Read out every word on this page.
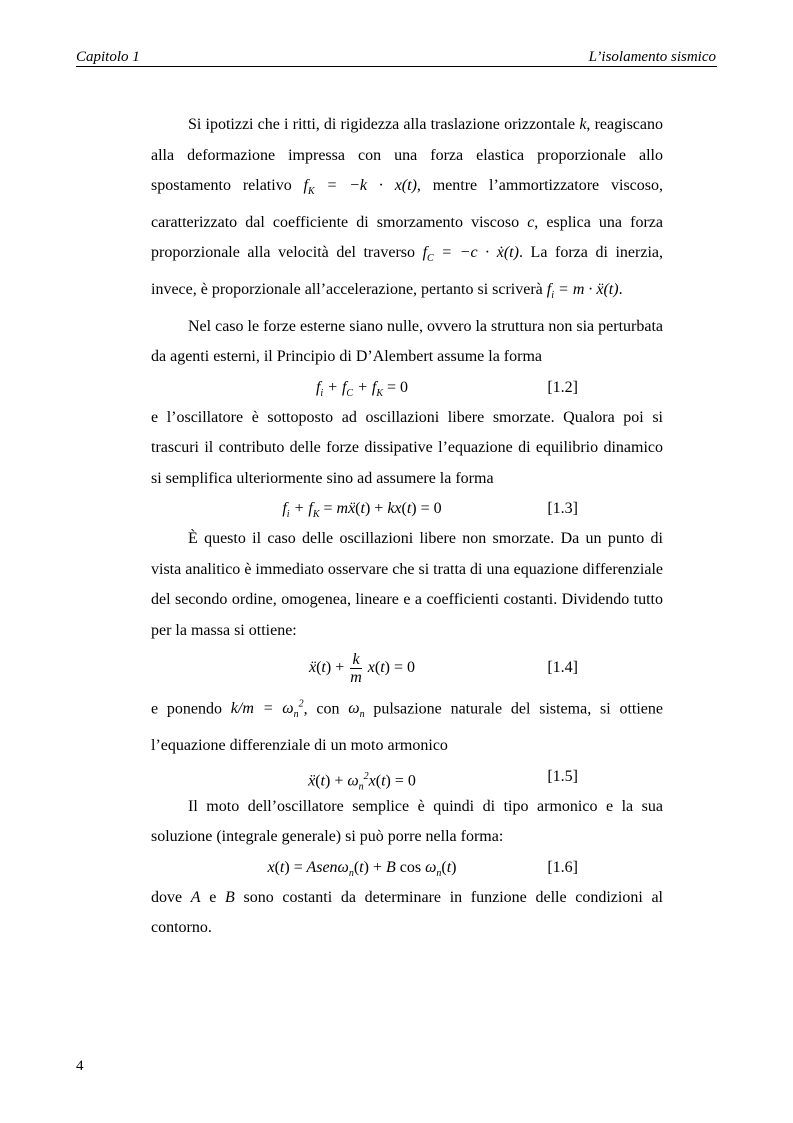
Capitolo 1	L’isolamento sismico

Si ipotizzi che i ritti, di rigidezza alla traslazione orizzontale k, reagiscano alla deformazione impressa con una forza elastica proporzionale allo spostamento relativo $f_K = -k \cdot x(t)$, mentre l’ammortizzatore viscoso, caratterizzato dal coefficiente di smorzamento viscoso c, esplica una forza proporzionale alla velocità del traverso $f_C = -c$ · ẋ(t). La forza di inerzia, invece, è proporzionale all’accelerazione, pertanto si scriverà $f_i = m$ · ẍ(t).

Nel caso le forze esterne siano nulle, ovvero la struttura non sia perturbata da agenti esterni, il Principio di D’Alembert assume la forma

$f_i + f_C + f_K = 0$	[1.2]

e l’oscillatore è sottoposto ad oscillazioni libere smorzate. Qualora poi si trascuri il contributo delle forze dissipative l’equazione di equilibrio dinamico si semplifica ulteriormente sino ad assumere la forma

$f_i + f_K$ = mẍ(t) + kx(t) = 0	[1.3]

È questo il caso delle oscillazioni libere non smorzate. Da un punto di vista analitico è immediato osservare che si tratta di una equazione differenziale del secondo ordine, omogenea, lineare e a coefficienti costanti. Dividendo tutto per la massa si ottiene:

ẍ(t) + $\frac{k}{m} x(t) = 0$	[1.4]

e ponendo $k/m = \omega_n^2$, con $\omega_n$ pulsazione naturale del sistema, si ottiene l’equazione differenziale di un moto armonico

ẍ(t) + $\omega_n^2x(t) = 0$	[1.5]

Il moto dell’oscillatore semplice è quindi di tipo armonico e la sua soluzione (integrale generale) si può porre nella forma:

x(t) = Asenω$_n$(t) + B $\cos \omega_n(t)$	[1.6]

dove A e B sono costanti da determinare in funzione delle condizioni al contorno.

4
